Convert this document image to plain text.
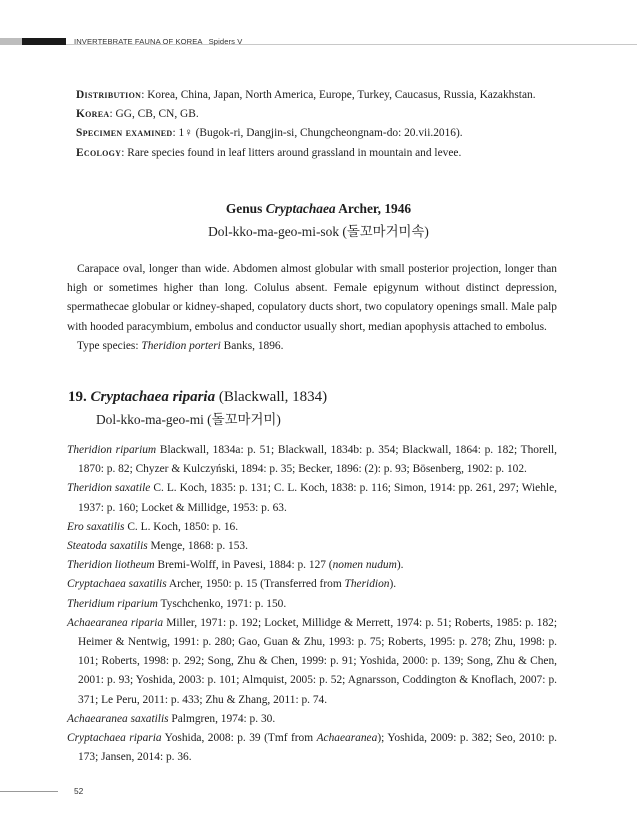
INVERTEBRATE FAUNA OF KOREA Spiders V

Distribution: Korea, China, Japan, North America, Europe, Turkey, Caucasus, Russia, Kazakhstan.

Korea: GG, CB, CN, GB.

Specimen examined: 1♀ (Bugok-ri, Dangjin-si, Chungcheongnam-do: 20.vii.2016).

Ecology: Rare species found in leaf litters around grassland in mountain and levee.

Genus Cryptachaea Archer, 1946
Dol-kko-ma-geo-mi-sok (돌꼬마거미속)

Carapace oval, longer than wide. Abdomen almost globular with small posterior projection, longer than high or sometimes higher than long. Colulus absent. Female epigynum without distinct depression, spermathecae globular or kidney-shaped, copulatory ducts short, two copulatory openings small. Male palp with hooded paracymbium, embolus and conductor usually short, median apophysis attached to embolus.

Type species: Theridion porteri Banks, 1896.

19. Cryptachaea riparia (Blackwall, 1834)
Dol-kko-ma-geo-mi (돌꼬마거미)

Theridion riparium Blackwall, 1834a: p. 51; Blackwall, 1834b: p. 354; Blackwall, 1864: p. 182; Thorell, 1870: p. 82; Chyzer & Kulczyński, 1894: p. 35; Becker, 1896: (2): p. 93; Bösenberg, 1902: p. 102.

Theridion saxatile C. L. Koch, 1835: p. 131; C. L. Koch, 1838: p. 116; Simon, 1914: pp. 261, 297; Wiehle, 1937: p. 160; Locket & Millidge, 1953: p. 63.

Ero saxatilis C. L. Koch, 1850: p. 16.

Steatoda saxatilis Menge, 1868: p. 153.

Theridion liotheum Bremi-Wolff, in Pavesi, 1884: p. 127 (nomen nudum).

Cryptachaea saxatilis Archer, 1950: p. 15 (Transferred from Theridion).

Theridium riparium Tyschchenko, 1971: p. 150.

Achaearanea riparia Miller, 1971: p. 192; Locket, Millidge & Merrett, 1974: p. 51; Roberts, 1985: p. 182; Heimer & Nentwig, 1991: p. 280; Gao, Guan & Zhu, 1993: p. 75; Roberts, 1995: p. 278; Zhu, 1998: p. 101; Roberts, 1998: p. 292; Song, Zhu & Chen, 1999: p. 91; Yoshida, 2000: p. 139; Song, Zhu & Chen, 2001: p. 93; Yoshida, 2003: p. 101; Almquist, 2005: p. 52; Agnarsson, Coddington & Knoflach, 2007: p. 371; Le Peru, 2011: p. 433; Zhu & Zhang, 2011: p. 74.

Achaearanea saxatilis Palmgren, 1974: p. 30.

Cryptachaea riparia Yoshida, 2008: p. 39 (Tmf from Achaearanea); Yoshida, 2009: p. 382; Seo, 2010: p. 173; Jansen, 2014: p. 36.

52
